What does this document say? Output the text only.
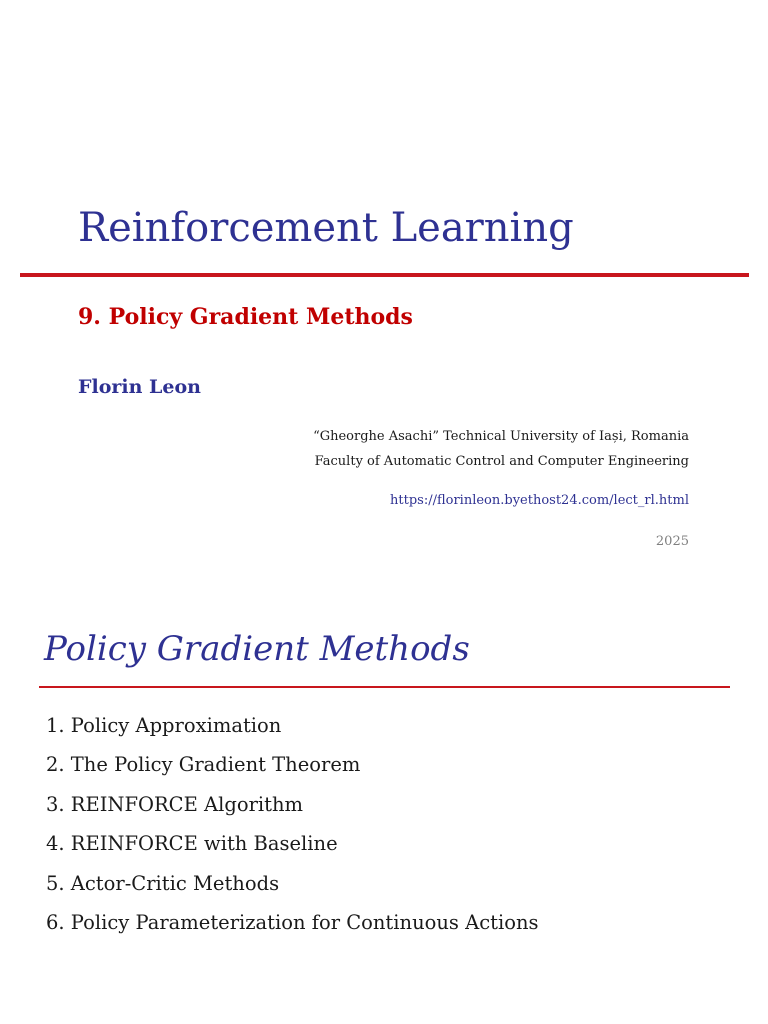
Reinforcement Learning
9. Policy Gradient Methods
Florin Leon
“Gheorghe Asachi” Technical University of Iași, Romania
Faculty of Automatic Control and Computer Engineering
https://florinleon.byethost24.com/lect_rl.html
2025
Policy Gradient Methods
1. Policy Approximation
2. The Policy Gradient Theorem
3. REINFORCE Algorithm
4. REINFORCE with Baseline
5. Actor-Critic Methods
6. Policy Parameterization for Continuous Actions
